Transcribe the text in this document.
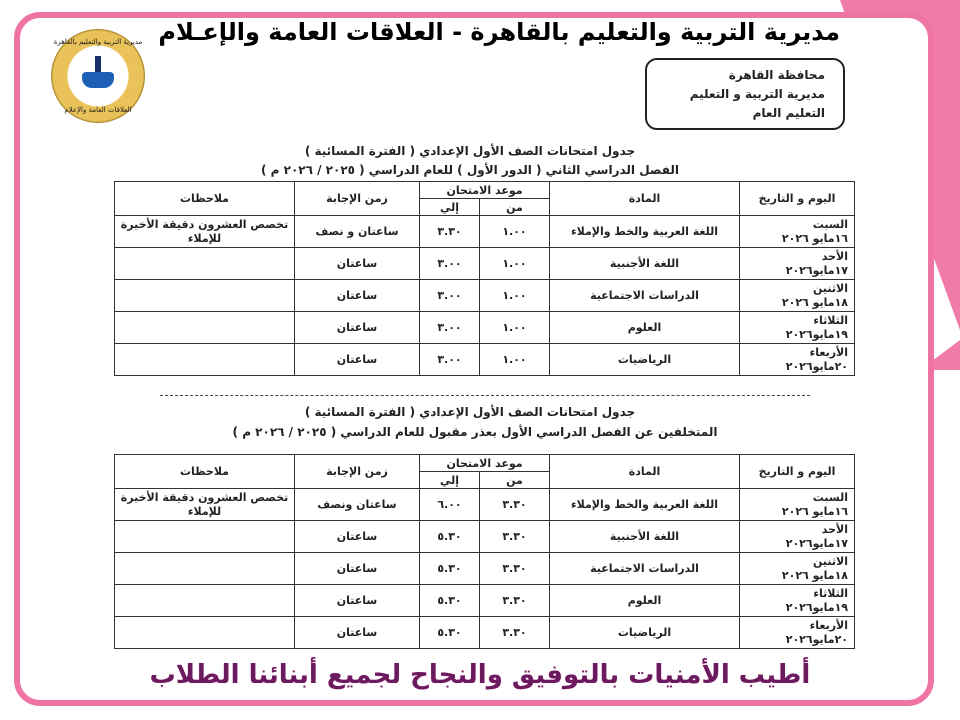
مديرية التربية والتعليم بالقاهرة - العلاقات العامة والإعـلام
مديرية التربية والتعليم بالقاهرة
العلاقات العامة والإعلام
محافظة القاهرة
مديرية التربية و التعليم
التعليم العام
جدول امتحانات الصف الأول الإعدادي ( الفترة المسائية )
الفصل الدراسي الثاني ( الدور الأول ) للعام الدراسي ( ٢٠٢٥ / ٢٠٢٦ م )
اليوم و التاريخ	المادة	موعد الامتحان		زمن الإجابة	ملاحظات
		من	إلي		

السبت
١٦مايو ٢٠٢٦	اللغة العربية والخط والإملاء	١.٠٠	٣.٣٠	ساعتان و نصف	تخصص العشرون دقيقة الأخيرة للإملاء

الأحد
١٧مايو٢٠٢٦	اللغة الأجنبية	١.٠٠	٣.٠٠	ساعتان	

الاثنين
١٨مايو ٢٠٢٦	الدراسات الاجتماعية	١.٠٠	٣.٠٠	ساعتان	

الثلاثاء
١٩مايو٢٠٢٦	العلوم	١.٠٠	٣.٠٠	ساعتان	

الأربعاء
٢٠مايو٢٠٢٦	الرياضيات	١.٠٠	٣.٠٠	ساعتان	
جدول امتحانات الصف الأول الإعدادي ( الفترة المسائية )
المتخلفين عن الفصل الدراسي الأول بعذر مقبول للعام الدراسي ( ٢٠٢٥ / ٢٠٢٦ م )
اليوم و التاريخ	المادة	موعد الامتحان		زمن الإجابة	ملاحظات
		من	إلي		

السبت
١٦مايو ٢٠٢٦	اللغة العربية والخط والإملاء	٣.٣٠	٦.٠٠	ساعتان ونصف	تخصص العشرون دقيقة الأخيرة للإملاء

الأحد
١٧مايو٢٠٢٦	اللغة الأجنبية	٣.٣٠	٥.٣٠	ساعتان	

الاثنين
١٨مايو ٢٠٢٦	الدراسات الاجتماعية	٣.٣٠	٥.٣٠	ساعتان	

الثلاثاء
١٩مايو٢٠٢٦	العلوم	٣.٣٠	٥.٣٠	ساعتان	

الأربعاء
٢٠مايو٢٠٢٦	الرياضيات	٣.٣٠	٥.٣٠	ساعتان	
أطيب الأمنيات بالتوفيق والنجاح لجميع أبنائنا الطلاب
